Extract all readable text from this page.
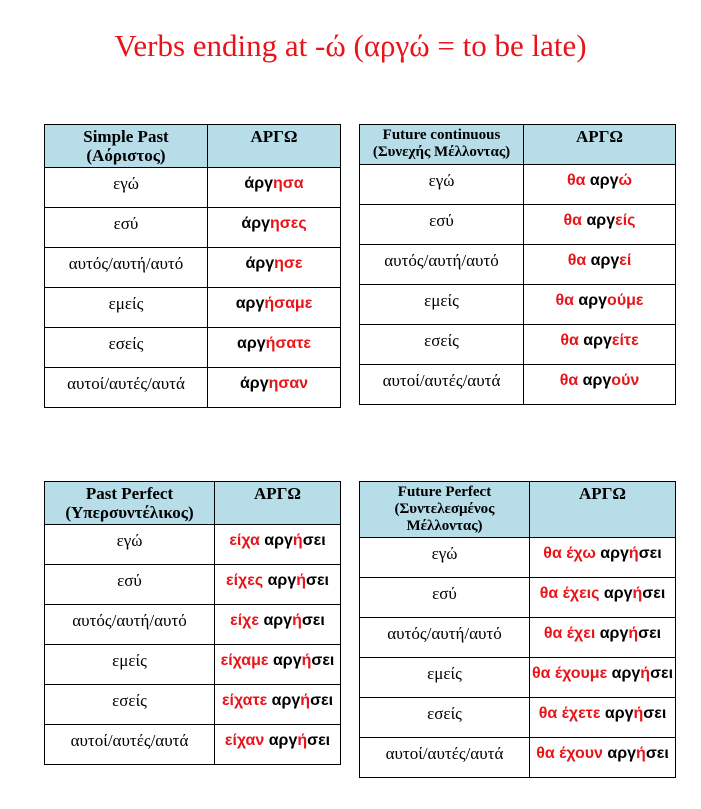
Verbs ending at -ώ (αργώ = to be late)
Simple Past
(Αόριστος)	ΑΡΓΩ
εγώ	άργησα
εσύ	άργησες
αυτός/αυτή/αυτό	άργησε
εμείς	αργήσαμε
εσείς	αργήσατε
αυτοί/αυτές/αυτά	άργησαν
Future continuous
(Συνεχής Μέλλοντας)	ΑΡΓΩ
εγώ	θα αργώ
εσύ	θα αργείς
αυτός/αυτή/αυτό	θα αργεί
εμείς	θα αργούμε
εσείς	θα αργείτε
αυτοί/αυτές/αυτά	θα αργούν
Past Perfect
(Υπερσυντέλικος)	ΑΡΓΩ
εγώ	είχα αργήσει
εσύ	είχες αργήσει
αυτός/αυτή/αυτό	είχε αργήσει
εμείς	είχαμε αργήσει
εσείς	είχατε αργήσει
αυτοί/αυτές/αυτά	είχαν αργήσει
Future Perfect
(Συντελεσμένος
Μέλλοντας)	ΑΡΓΩ
εγώ	θα έχω αργήσει
εσύ	θα έχεις αργήσει
αυτός/αυτή/αυτό	θα έχει αργήσει
εμείς	θα έχουμε αργήσει
εσείς	θα έχετε αργήσει
αυτοί/αυτές/αυτά	θα έχουν αργήσει
